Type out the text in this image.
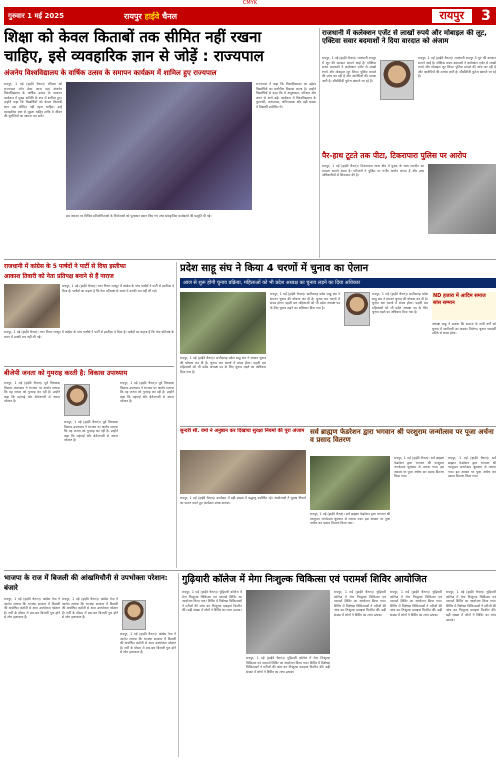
CMYK
गुरुवार 1 मई 2025	रायपुर हाईवे चैनल	रायपुर	3
शिक्षा को केवल किताबों तक सीमित नहीं रखना
चाहिए, इसे व्यवहारिक ज्ञान से जोड़ें : राज्यपाल
अंजनेय विश्वविद्यालय के वार्षिक उत्सव के समापन कार्यक्रम में शामिल हुए राज्यपाल
रायपुर, 1 मई (हाईवे चैनल)। रविवार को राज्यपाल रमेन डेका आज यहां अंजनेय विश्वविद्यालय के वार्षिक उत्सव के समापन कार्यक्रम में मुख्य अतिथि के रूप में शामिल हुए। उन्होंने कहा कि विद्यार्थियों को केवल किताबी ज्ञान तक सीमित नहीं रहना चाहिए। उन्हें व्यवहारिक ज्ञान से जुड़ना चाहिए ताकि वे जीवन की चुनौतियों का सामना कर सकें।
राज्यपाल ने कहा कि विश्वविद्यालय का उद्देश्य विद्यार्थियों का सर्वांगीण विकास करना है। उन्होंने विद्यार्थियों से कहा कि वे अनुशासन, परिश्रम और लगन से आगे बढ़ें। कार्यक्रम में विश्वविद्यालय के कुलपति, प्राध्यापक, अभिभावक और बड़ी संख्या में विद्यार्थी उपस्थित थे।
इस अवसर पर विभिन्न प्रतियोगिताओं के विजेताओं को पुरस्कार प्रदान किए गए तथा सांस्कृतिक कार्यक्रमों की प्रस्तुति दी गई।
राजधानी में कलेक्शन एजेंट से लाखों रुपये और मोबाइल की लूट, एक्टिवा सवार बदमाशों ने दिया वारदात को अंजाम
रायपुर, 1 मई (हाईवे चैनल)। राजधानी रायपुर में लूट की वारदात सामने आई है। एक्टिवा सवार बदमाशों ने कलेक्शन एजेंट से लाखों रुपये और मोबाइल लूट लिया। पुलिस मामले की जांच कर रही है और आरोपियों की तलाश जारी है। सीसीटीवी फुटेज खंगाले जा रहे हैं।
रायपुर, 1 मई (हाईवे चैनल)। राजधानी रायपुर में लूट की वारदात सामने आई है। एक्टिवा सवार बदमाशों ने कलेक्शन एजेंट से लाखों रुपये और मोबाइल लूट लिया। पुलिस मामले की जांच कर रही है और आरोपियों की तलाश जारी है। सीसीटीवी फुटेज खंगाले जा रहे हैं।
पैर-हाथ टूटते तक पीटा, टिकरापारा पुलिस पर आरोप
रायपुर, 1 मई (हाईवे चैनल)। टिकरापारा थाना क्षेत्र में युवक के साथ मारपीट का मामला सामने आया है। परिजनों ने पुलिस पर गंभीर आरोप लगाए हैं और उच्च अधिकारियों से शिकायत की है।
राजधानी में कांग्रेस के 5 पार्षदों ने पार्टी से दिया इस्तीफा
आकाश तिवारी को नेता प्रतिपक्ष बनाने से हैं नाराज
रायपुर, 1 मई (हाईवे चैनल)। नगर निगम रायपुर में कांग्रेस के पांच पार्षदों ने पार्टी से इस्तीफा दे दिया है। पार्षदों का कहना है कि नेता प्रतिपक्ष के चयन में उनकी राय नहीं ली गई।
रायपुर, 1 मई (हाईवे चैनल)। नगर निगम रायपुर में कांग्रेस के पांच पार्षदों ने पार्टी से इस्तीफा दे दिया है। पार्षदों का कहना है कि नेता प्रतिपक्ष के चयन में उनकी राय नहीं ली गई।
बीजेपी जनता को गुमराह करती है: विकास उपाध्याय
रायपुर, 1 मई (हाईवे चैनल)। पूर्व विधायक विकास उपाध्याय ने भाजपा पर आरोप लगाया कि वह जनता को गुमराह कर रही है। उन्होंने कहा कि महंगाई और बेरोजगारी से जनता परेशान है।
रायपुर, 1 मई (हाईवे चैनल)। पूर्व विधायक विकास उपाध्याय ने भाजपा पर आरोप लगाया कि वह जनता को गुमराह कर रही है। उन्होंने कहा कि महंगाई और बेरोजगारी से जनता परेशान है।
रायपुर, 1 मई (हाईवे चैनल)। पूर्व विधायक विकास उपाध्याय ने भाजपा पर आरोप लगाया कि वह जनता को गुमराह कर रही है। उन्होंने कहा कि महंगाई और बेरोजगारी से जनता परेशान है।
प्रदेश साहू संघ ने किया 4 चरणों में चुनाव का ऐलान
आज से शुरू होगी चुनाव प्रक्रिया, महिलाओं को भी प्रदेश अध्यक्ष का चुनाव लड़ने का दिया अधिकार
रायपुर, 1 मई (हाईवे चैनल)। छत्तीसगढ़ प्रदेश साहू संघ ने संगठन चुनाव की घोषणा कर दी है। चुनाव चार चरणों में संपन्न होगा। पहली बार महिलाओं को भी प्रदेश अध्यक्ष पद के लिए चुनाव लड़ने का अधिकार दिया गया है।
रायपुर, 1 मई (हाईवे चैनल)। छत्तीसगढ़ प्रदेश साहू संघ ने संगठन चुनाव की घोषणा कर दी है। चुनाव चार चरणों में संपन्न होगा। पहली बार महिलाओं को भी प्रदेश अध्यक्ष पद के लिए चुनाव लड़ने का अधिकार दिया गया है।
रायपुर, 1 मई (हाईवे चैनल)। छत्तीसगढ़ प्रदेश साहू संघ ने संगठन चुनाव की घोषणा कर दी है। चुनाव चार चरणों में संपन्न होगा। पहली बार महिलाओं को भी प्रदेश अध्यक्ष पद के लिए चुनाव लड़ने का अधिकार दिया गया है।
ND हजारा में आदिम समाज सांस सम्मान
अध्यक्ष साहू ने बताया कि समाज के सभी वर्गों को चुनाव में भागीदारी का अवसर मिलेगा। चुनाव पारदर्शी तरीके से संपन्न होगा।
सुन्दरी सी. वर्मा ने अनुष्ठान कर दिखाया सुरक्षा नियमों की पूरा अंजाम
रायपुर, 1 मई (हाईवे चैनल)। कार्यक्रम में बड़ी संख्या में श्रद्धालु उपस्थित रहे। आयोजकों ने सुरक्षा नियमों का पालन करते हुए कार्यक्रम संपन्न कराया।
सर्व ब्राह्मण फेडरेशन द्वारा भगवान श्री परशुराम जन्मोत्सव पर पूजा अर्चना व प्रसाद वितरण
रायपुर, 1 मई (हाईवे चैनल)। सर्व ब्राह्मण फेडरेशन द्वारा भगवान श्री परशुराम जन्मोत्सव धूमधाम से मनाया गया। इस अवसर पर पूजा अर्चना कर प्रसाद वितरण किया गया।
रायपुर, 1 मई (हाईवे चैनल)। सर्व ब्राह्मण फेडरेशन द्वारा भगवान श्री परशुराम जन्मोत्सव धूमधाम से मनाया गया। इस अवसर पर पूजा अर्चना कर प्रसाद वितरण किया गया।
रायपुर, 1 मई (हाईवे चैनल)। सर्व ब्राह्मण फेडरेशन द्वारा भगवान श्री परशुराम जन्मोत्सव धूमधाम से मनाया गया। इस अवसर पर पूजा अर्चना कर प्रसाद वितरण किया गया।
भाजपा के राज में बिजली की आंखमिचौनी से उपभोक्ता परेशान: बंजारे
रायपुर, 1 मई (हाईवे चैनल)। कांग्रेस नेता ने आरोप लगाया कि भाजपा सरकार में बिजली की अघोषित कटौती से आम उपभोक्ता परेशान हैं। गर्मी के मौसम में बार-बार बिजली गुल होने से लोग हलाकान हैं।
रायपुर, 1 मई (हाईवे चैनल)। कांग्रेस नेता ने आरोप लगाया कि भाजपा सरकार में बिजली की अघोषित कटौती से आम उपभोक्ता परेशान हैं। गर्मी के मौसम में बार-बार बिजली गुल होने से लोग हलाकान हैं।
रायपुर, 1 मई (हाईवे चैनल)। कांग्रेस नेता ने आरोप लगाया कि भाजपा सरकार में बिजली की अघोषित कटौती से आम उपभोक्ता परेशान हैं। गर्मी के मौसम में बार-बार बिजली गुल होने से लोग हलाकान हैं।
गुढ़ियारी कॉलेज में मेगा निःशुल्क चिकित्सा एवं परामर्श शिविर आयोजित
रायपुर, 1 मई (हाईवे चैनल)। गुढ़ियारी कॉलेज में मेगा निःशुल्क चिकित्सा एवं परामर्श शिविर का आयोजन किया गया। शिविर में विशेषज्ञ चिकित्सकों ने मरीजों की जांच कर निःशुल्क दवाइयां वितरित कीं। बड़ी संख्या में लोगों ने शिविर का लाभ उठाया।
रायपुर, 1 मई (हाईवे चैनल)। गुढ़ियारी कॉलेज में मेगा निःशुल्क चिकित्सा एवं परामर्श शिविर का आयोजन किया गया। शिविर में विशेषज्ञ चिकित्सकों ने मरीजों की जांच कर निःशुल्क दवाइयां वितरित कीं। बड़ी संख्या में लोगों ने शिविर का लाभ उठाया।
रायपुर, 1 मई (हाईवे चैनल)। गुढ़ियारी कॉलेज में मेगा निःशुल्क चिकित्सा एवं परामर्श शिविर का आयोजन किया गया। शिविर में विशेषज्ञ चिकित्सकों ने मरीजों की जांच कर निःशुल्क दवाइयां वितरित कीं। बड़ी संख्या में लोगों ने शिविर का लाभ उठाया।
रायपुर, 1 मई (हाईवे चैनल)। गुढ़ियारी कॉलेज में मेगा निःशुल्क चिकित्सा एवं परामर्श शिविर का आयोजन किया गया। शिविर में विशेषज्ञ चिकित्सकों ने मरीजों की जांच कर निःशुल्क दवाइयां वितरित कीं। बड़ी संख्या में लोगों ने शिविर का लाभ उठाया।
रायपुर, 1 मई (हाईवे चैनल)। गुढ़ियारी कॉलेज में मेगा निःशुल्क चिकित्सा एवं परामर्श शिविर का आयोजन किया गया। शिविर में विशेषज्ञ चिकित्सकों ने मरीजों की जांच कर निःशुल्क दवाइयां वितरित कीं। बड़ी संख्या में लोगों ने शिविर का लाभ उठाया।
